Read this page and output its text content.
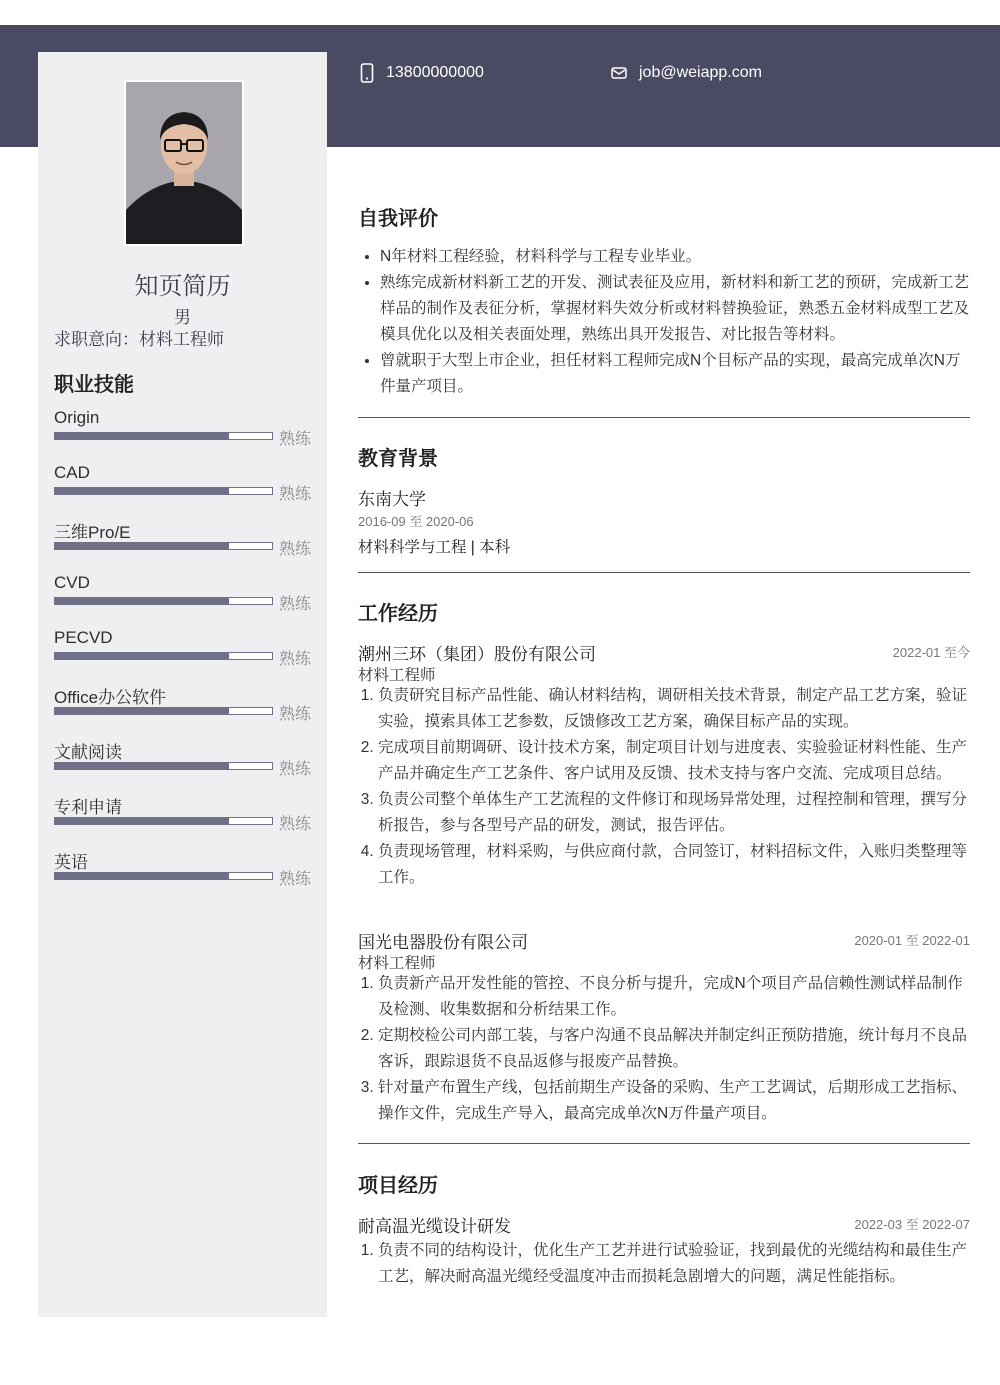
13800000000	job@weiapp.com
知页简历
男
求职意向：材料工程师
职业技能
Origin
熟练
CAD
熟练
三维Pro/E
熟练
CVD
熟练
PECVD
熟练
Office办公软件
熟练
文献阅读
熟练
专利申请
熟练
英语
熟练
自我评价
• N年材料工程经验，材料科学与工程专业毕业。
• 熟练完成新材料新工艺的开发、测试表征及应用，新材料和新工艺的预研，完成新工艺样品的制作及表征分析，掌握材料失效分析或材料替换验证，熟悉五金材料成型工艺及模具优化以及相关表面处理，熟练出具开发报告、对比报告等材料。
• 曾就职于大型上市企业，担任材料工程师完成N个目标产品的实现，最高完成单次N万件量产项目。
教育背景
东南大学
2016-09 至 2020-06
材料科学与工程 | 本科
工作经历
潮州三环（集团）股份有限公司	2022-01 至今
材料工程师
1. 负责研究目标产品性能、确认材料结构，调研相关技术背景，制定产品工艺方案，验证实验，摸索具体工艺参数，反馈修改工艺方案，确保目标产品的实现。
2. 完成项目前期调研、设计技术方案，制定项目计划与进度表、实验验证材料性能、生产产品并确定生产工艺条件、客户试用及反馈、技术支持与客户交流、完成项目总结。
3. 负责公司整个单体生产工艺流程的文件修订和现场异常处理，过程控制和管理，撰写分析报告，参与各型号产品的研发，测试，报告评估。
4. 负责现场管理，材料采购，与供应商付款，合同签订，材料招标文件，入账归类整理等工作。
国光电器股份有限公司	2020-01 至 2022-01
材料工程师
1. 负责新产品开发性能的管控、不良分析与提升，完成N个项目产品信赖性测试样品制作及检测、收集数据和分析结果工作。
2. 定期校检公司内部工装，与客户沟通不良品解决并制定纠正预防措施，统计每月不良品客诉，跟踪退货不良品返修与报废产品替换。
3. 针对量产布置生产线，包括前期生产设备的采购、生产工艺调试，后期形成工艺指标、操作文件，完成生产导入，最高完成单次N万件量产项目。
项目经历
耐高温光缆设计研发	2022-03 至 2022-07
1. 负责不同的结构设计，优化生产工艺并进行试验验证，找到最优的光缆结构和最佳生产工艺，解决耐高温光缆经受温度冲击而损耗急剧增大的问题，满足性能指标。
